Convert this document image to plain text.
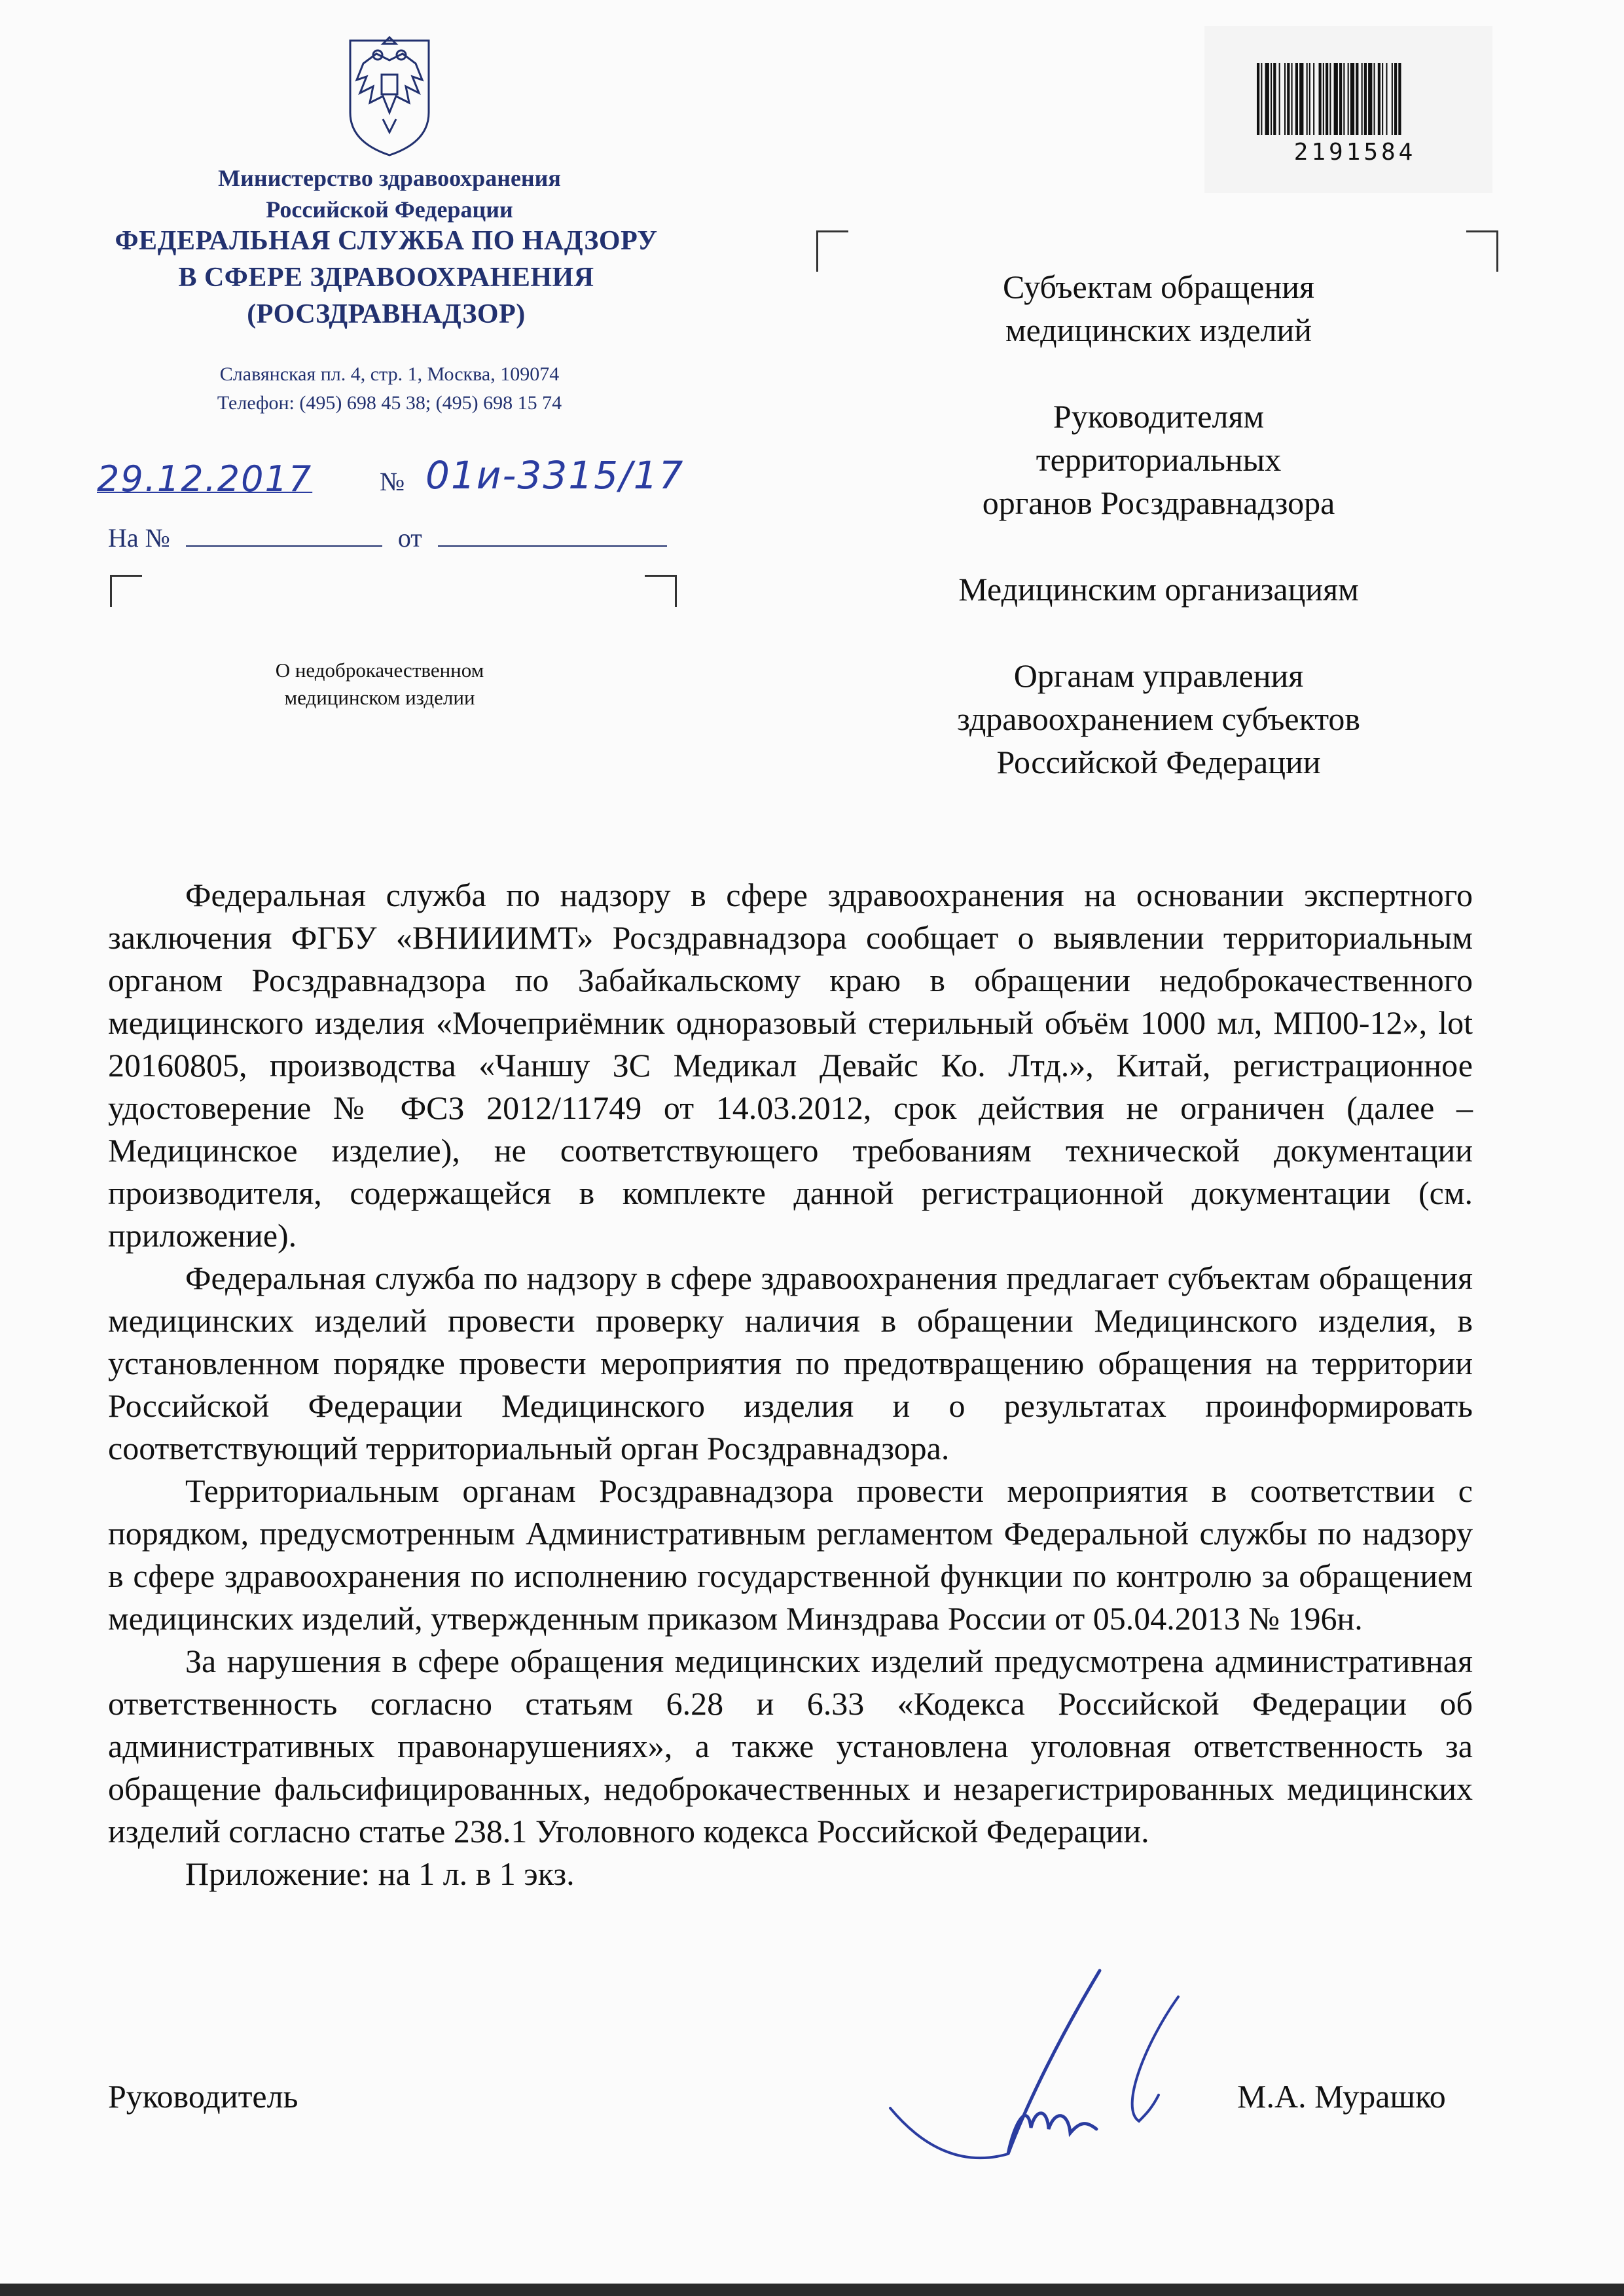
Министерство здравоохранения
Российской Федерации
ФЕДЕРАЛЬНАЯ СЛУЖБА ПО НАДЗОРУ
В СФЕРЕ ЗДРАВООХРАНЕНИЯ
(РОСЗДРАВНАДЗОР)
Славянская пл. 4, стр. 1, Москва, 109074
Телефон: (495) 698 45 38; (495) 698 15 74
29.12.2017	№ 01и-3315/17
На №	от
О недоброкачественном
медицинском изделии
2191584

Субъектам обращения
медицинских изделий

Руководителям
территориальных
органов Росздравнадзора

Медицинским организациям

Органам управления
здравоохранением субъектов
Российской Федерации

Федеральная служба по надзору в сфере здравоохранения на основании экспертного заключения ФГБУ «ВНИИИМТ» Росздравнадзора сообщает о выявлении территориальным органом Росздравнадзора по Забайкальскому краю в обращении недоброкачественного медицинского изделия «Мочеприёмник одноразовый стерильный объём 1000 мл, МП00-12», lot 20160805, производства «Чаншу ЗС Медикал Девайс Ко. Лтд.», Китай, регистрационное удостоверение № ФСЗ 2012/11749 от 14.03.2012, срок действия не ограничен (далее – Медицинское изделие), не соответствующего требованиям технической документации производителя, содержащейся в комплекте данной регистрационной документации (см. приложение).

Федеральная служба по надзору в сфере здравоохранения предлагает субъектам обращения медицинских изделий провести проверку наличия в обращении Медицинского изделия, в установленном порядке провести мероприятия по предотвращению обращения на территории Российской Федерации Медицинского изделия и о результатах проинформировать соответствующий территориальный орган Росздравнадзора.

Территориальным органам Росздравнадзора провести мероприятия в соответствии с порядком, предусмотренным Административным регламентом Федеральной службы по надзору в сфере здравоохранения по исполнению государственной функции по контролю за обращением медицинских изделий, утвержденным приказом Минздрава России от 05.04.2013 № 196н.

За нарушения в сфере обращения медицинских изделий предусмотрена административная ответственность согласно статьям 6.28 и 6.33 «Кодекса Российской Федерации об административных правонарушениях», а также установлена уголовная ответственность за обращение фальсифицированных, недоброкачественных и незарегистрированных медицинских изделий согласно статье 238.1 Уголовного кодекса Российской Федерации.

Приложение: на 1 л. в 1 экз.

Руководитель	М.А. Мурашко
